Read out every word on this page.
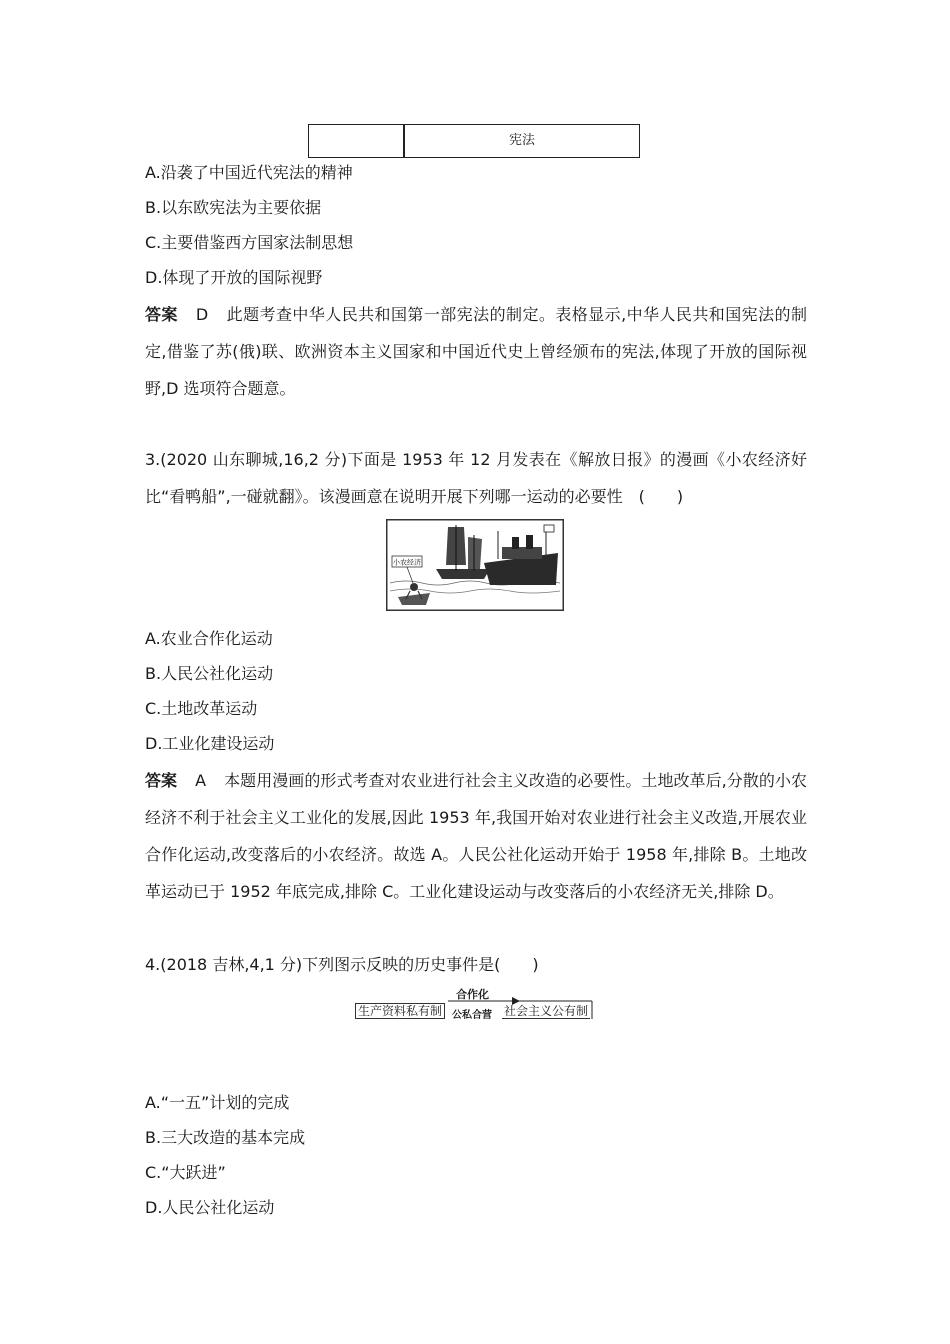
宪法
A.沿袭了中国近代宪法的精神
B.以东欧宪法为主要依据
C.主要借鉴西方国家法制思想
D.体现了开放的国际视野
答案 D 此题考查中华人民共和国第一部宪法的制定。表格显示,中华人民共和国宪法的制定,借鉴了苏(俄)联、欧洲资本主义国家和中国近代史上曾经颁布的宪法,体现了开放的国际视野,D 选项符合题意。
3.(2020 山东聊城,16,2 分)下面是 1953 年 12 月发表在《解放日报》的漫画《小农经济好比“看鸭船”,一碰就翻》。该漫画意在说明开展下列哪一运动的必要性　(　　)
小农经济
A.农业合作化运动
B.人民公社化运动
C.土地改革运动
D.工业化建设运动
答案 A 本题用漫画的形式考查对农业进行社会主义改造的必要性。土地改革后,分散的小农经济不利于社会主义工业化的发展,因此 1953 年,我国开始对农业进行社会主义改造,开展农业合作化运动,改变落后的小农经济。故选 A。人民公社化运动开始于 1958 年,排除 B。土地改革运动已于 1952 年底完成,排除 C。工业化建设运动与改变落后的小农经济无关,排除 D。
4.(2018 吉林,4,1 分)下列图示反映的历史事件是(　　)
合作化
生产资料私有制 公私合营 社会主义公有制
A.“一五”计划的完成
B.三大改造的基本完成
C.“大跃进”
D.人民公社化运动
